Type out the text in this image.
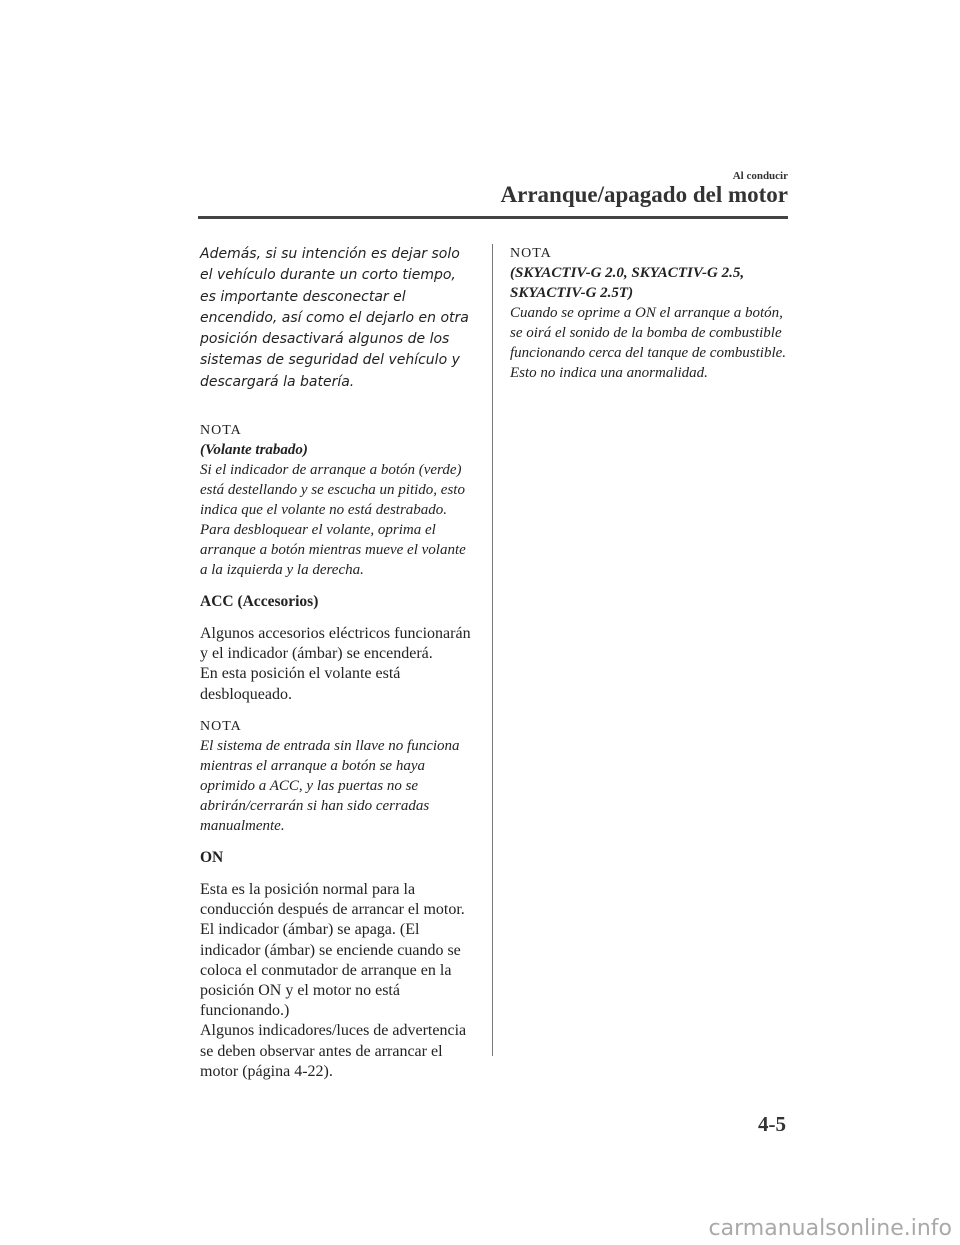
Al conducir
Arranque/apagado del motor

Además, si su intención es dejar solo el vehículo durante un corto tiempo, es importante desconectar el encendido, así como el dejarlo en otra posición desactivará algunos de los sistemas de seguridad del vehículo y descargará la batería.

NOTA

(Volante trabado)

Si el indicador de arranque a botón (verde) está destellando y se escucha un pitido, esto indica que el volante no está destrabado. Para desbloquear el volante, oprima el arranque a botón mientras mueve el volante a la izquierda y la derecha.

ACC (Accesorios)

Algunos accesorios eléctricos funcionarán y el indicador (ámbar) se encenderá.
En esta posición el volante está desbloqueado.

NOTA

El sistema de entrada sin llave no funciona mientras el arranque a botón se haya oprimido a ACC, y las puertas no se abrirán/cerrarán si han sido cerradas manualmente.

ON

Esta es la posición normal para la conducción después de arrancar el motor. El indicador (ámbar) se apaga. (El indicador (ámbar) se enciende cuando se coloca el conmutador de arranque en la posición ON y el motor no está funcionando.)
Algunos indicadores/luces de advertencia se deben observar antes de arrancar el motor (página 4-22).

NOTA

(SKYACTIV-G 2.0, SKYACTIV-G 2.5, SKYACTIV-G 2.5T)

Cuando se oprime a ON el arranque a botón, se oirá el sonido de la bomba de combustible funcionando cerca del tanque de combustible. Esto no indica una anormalidad.

4-5
carmanualsonline.info
